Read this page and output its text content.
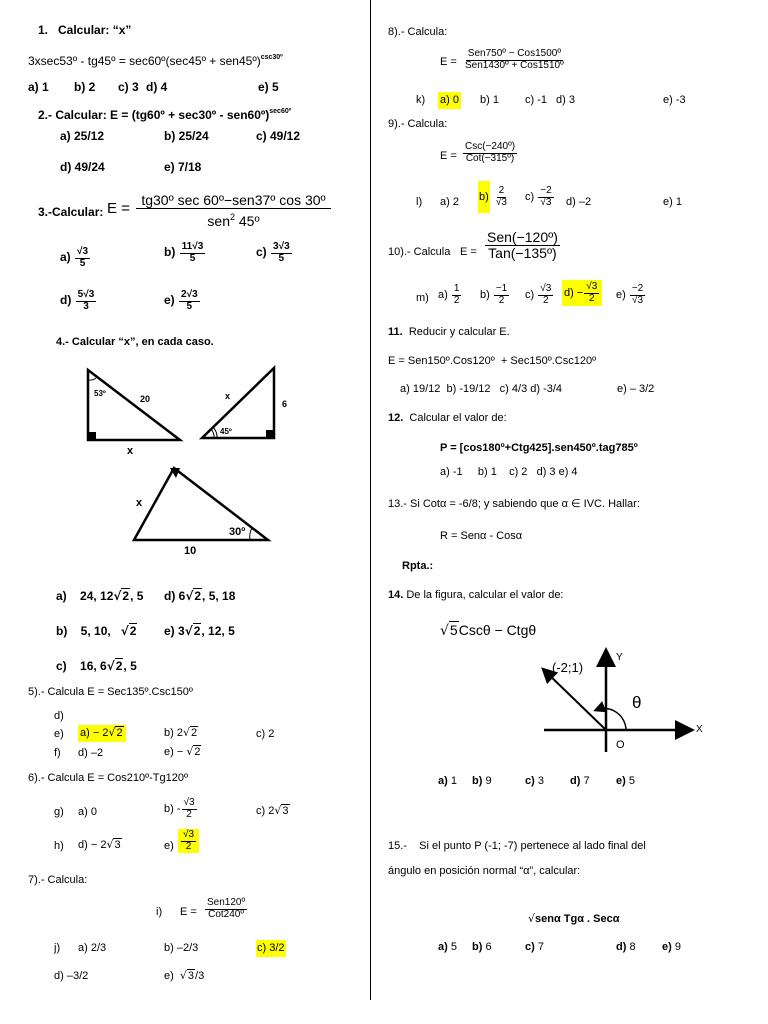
1.   Calcular: “x”
3xsec53º - tg45º = sec60º(sec45º + sen45º)$^{csc30º}$
a) 1 b) 2 c) 3 d) 4	e) 5
2.- Calcular: E = (tg60º + sec30º - sen60º)$^{sec60º}$
a) 25/12	b) 25/24	c) 49/12
d) 49/24	e) 7/18
3.-Calcular: E = tg30º sec 60º−sen37º cos 30º
sen$^2$ 45º
$a) \frac{√3}{5}$	$b) \frac{11√3}{5}$	$c) \frac{3√3}{5}$
$d) \frac{5√3}{3}$	$e) \frac{2√3}{5}$
4.- Calcular “x”, en cada caso.
53º
20
x
45º
x
6
30º
x
10
a) 24, 12√2, 5 d) 6√2, 5, 18
b) 5, 10, √2 e) 3√2, 12, 5
c) 16, 6√2, 5
5).- Calcula E = Sec135º.Csc150º
d)
e) a) − 2√2	b) 2√2	c) 2
f) d) –2	e) − √2
6).- Calcula E = Cos210º-Tg120º
g) a) 0	$b) - \frac{√3}{2}$	c) 2√3
h) d) − 2√3	$e) \frac{√3}{2}$
7).- Calcula:
i) $E = \frac{\text{Sen120º}}{\text{Cot240º}}$
j) a) 2/3	b) –2/3	c) 3/2
d) –3/2	e) √3/3
8).- Calcula:
$E = \frac{\text{Sen750º − Cos1500º}}{\text{Sen1430º + Cos1510º}}$
k) a) 0 b) 1 c) -1 d) 3	e) -3
9).- Calcula:
$E = \frac{\text{Csc(−240º)}}{\text{Cot(−315º)}}$
l) a) 2 $b) \frac{2}{√3} c) \frac{-2}{√3} d$) –2	e) 1
10).- Calcula $E = \frac{\text{Sen(−120º)}}{\text{Tan(−135º)}}$
m) $a) \frac{1}{2} b) \frac{-1}{2} c) \frac{√3}{2} d) - \frac{√3}{2} e) \frac{-2}{√3}$
11. Reducir y calcular E.
E = Sen150º.Cos120º  + Sec150º.Csc120º
a) 19/12  b) -19/12   c) 4/3 d) -3/4	e) – 3/2
12. Calcular el valor de:
P = [cos180º+Ctg425].sen450º.tag785º
a) -1     b) 1    c) 2   d) 3 e) 4
13.- Si Cotα = -6/8; y sabiendo que α ∈ IVC. Hallar:
R = Senα - Cosα
Rpta.:
14. De la figura, calcular el valor de:
√5Cscθ − Ctgθ
(-2;1)
Y
X
O
θ
a) 1 b) 9	c) 3 d) 7 e) 5
15.-    Si el punto P (-1; -7) pertenece al lado final del
ángulo en posición normal “α”, calcular:
√senα Tgα . Secα
a) 5 b) 6	c) 7	d) 8 e) 9
